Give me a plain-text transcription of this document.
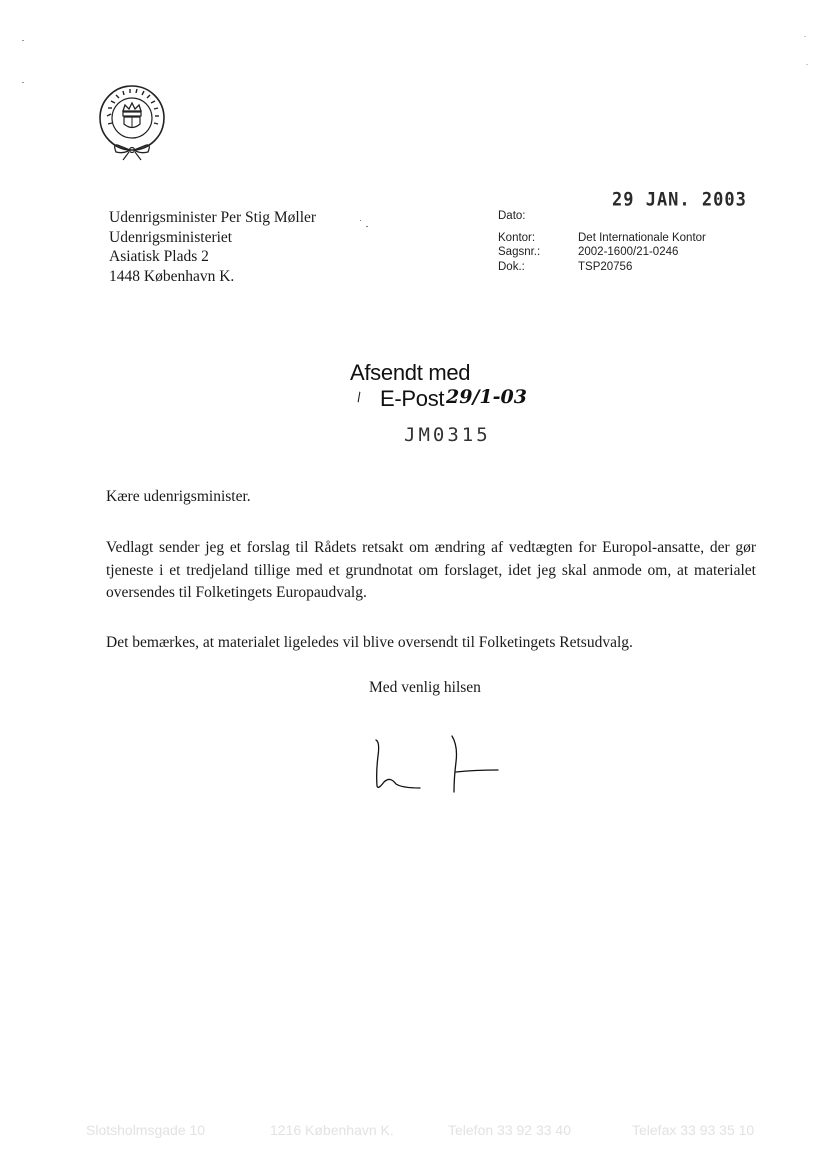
Udenrigsminister Per Stig Møller
Udenrigsministeriet
Asiatisk Plads 2
1448 København K.
29 JAN. 2003
Dato:
Kontor:	Det Internationale Kontor
Sagsnr.:	2002-1600/21-0246
Dok.:	TSP20756
Afsendt med
\ E-Post 29/1-03
JM0315
Kære udenrigsminister.
Vedlagt sender jeg et forslag til Rådets retsakt om ændring af vedtægten for Europol-ansatte, der gør tjeneste i et tredjeland tillige med et grundnotat om forslaget, idet jeg skal anmode om, at materialet oversendes til Folketingets Europaudvalg.
Det bemærkes, at materialet ligeledes vil blive oversendt til Folketingets Retsudvalg.
Med venlig hilsen
Slotsholmsgade 10	1216 København K.	Telefon 33 92 33 40	Telefax 33 93 35 10
